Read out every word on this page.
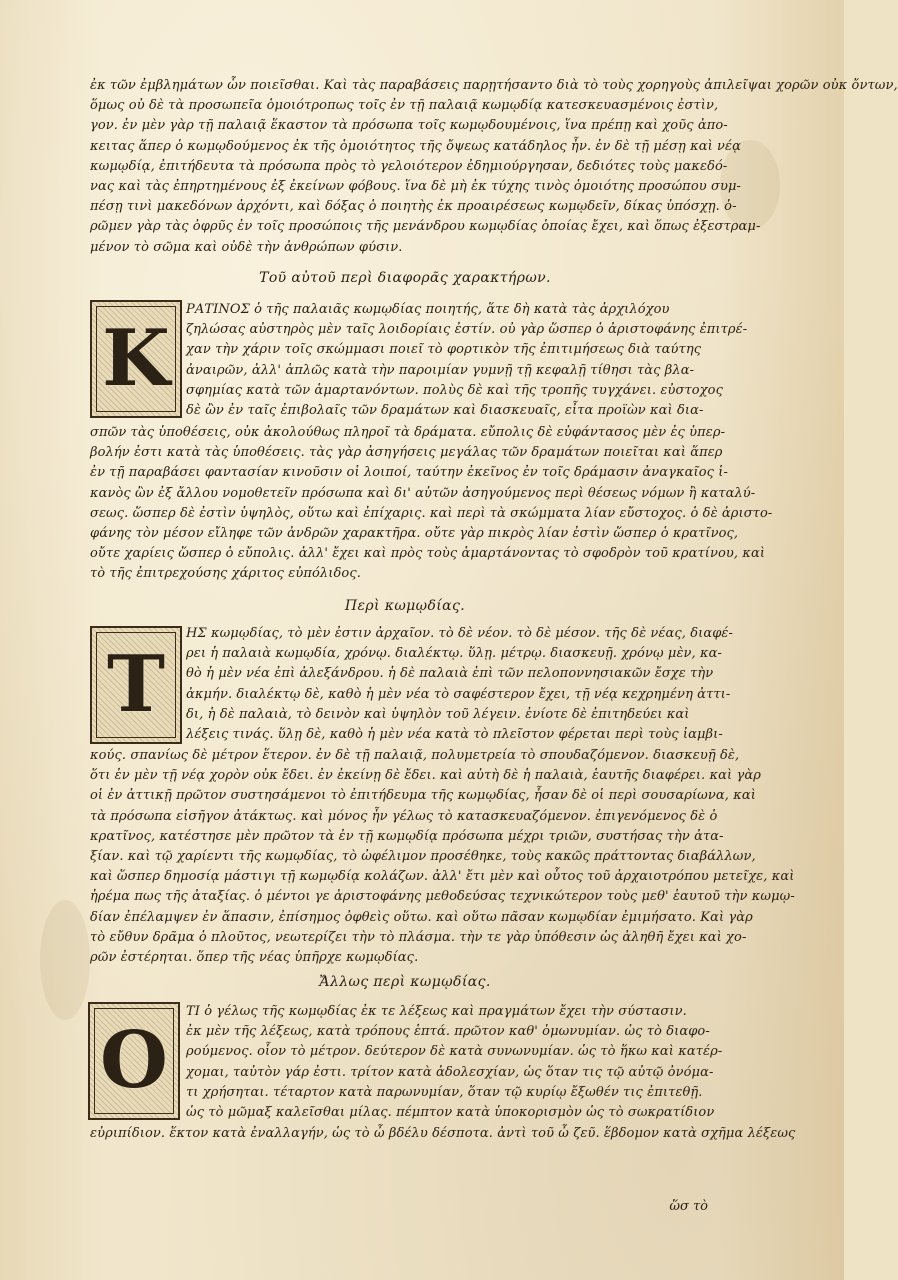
ἐκ τῶν ἐμβλημάτων ὧν ποιεῖσθαι. Καὶ τὰς παραβάσεις παρῃτήσαντο διὰ τὸ τοὺς χορηγοὺς ἀπιλεῖψαι χορῶν οὐκ ὄντων,
ὅμως οὐ δὲ τὰ προσωπεῖα ὁμοιότροπως τοῖς ἐν τῇ παλαιᾷ κωμῳδίᾳ κατεσκευασμένοις ἐστὶν,
γον. ἐν μὲν γὰρ τῇ παλαιᾷ ἕκαστον τὰ πρόσωπα τοῖς κωμῳδουμένοις, ἵνα πρέπῃ καὶ χοῦς ἀπο-
κειτας ἅπερ ὁ κωμῳδούμενος ἐκ τῆς ὁμοιότητος τῆς ὄψεως κατάδηλος ἦν. ἐν δὲ τῇ μέσῃ καὶ νέᾳ
κωμῳδίᾳ, ἐπιτήδευτα τὰ πρόσωπα πρὸς τὸ γελοιότερον ἐδημιούργησαν, δεδιότες τοὺς μακεδό-
νας καὶ τὰς ἐπηρτημένους ἐξ ἐκείνων φόβους. ἵνα δὲ μὴ ἐκ τύχης τινὸς ὁμοιότης προσώπου συμ-
πέσῃ τινὶ μακεδόνων ἀρχόντι, καὶ δόξας ὁ ποιητὴς ἐκ προαιρέσεως κωμῳδεῖν, δίκας ὑπόσχῃ. ὁ-
ρῶμεν γὰρ τὰς ὀφρῦς ἐν τοῖς προσώποις τῆς μενάνδρου κωμῳδίας ὁποίας ἔχει, καὶ ὅπως ἐξεστραμ-
μένον τὸ σῶμα καὶ οὐδὲ τὴν ἀνθρώπων φύσιν.
Τοῦ αὐτοῦ περὶ διαφορᾶς χαρακτήρων.
Κ
ΡΑΤΙΝΟΣ ὁ τῆς παλαιᾶς κωμῳδίας ποιητής, ἅτε δὴ κατὰ τὰς ἀρχιλόχου
ζηλώσας αὐστηρὸς μὲν ταῖς λοιδορίαις ἐστίν. οὐ γὰρ ὥσπερ ὁ ἀριστοφάνης ἐπιτρέ-
χαν τὴν χάριν τοῖς σκώμμασι ποιεῖ τὸ φορτικὸν τῆς ἐπιτιμήσεως διὰ ταύτης
ἀναιρῶν, ἀλλ' ἁπλῶς κατὰ τὴν παροιμίαν γυμνῇ τῇ κεφαλῇ τίθησι τὰς βλα-
σφημίας κατὰ τῶν ἁμαρτανόντων. πολὺς δὲ καὶ τῆς τροπῆς τυγχάνει. εὐστοχος
δὲ ὢν ἐν ταῖς ἐπιβολαῖς τῶν δραμάτων καὶ διασκευαῖς, εἶτα προϊὼν καὶ δια-
σπῶν τὰς ὑποθέσεις, οὐκ ἀκολούθως πληροῖ τὰ δράματα. εὔπολις δὲ εὐφάντασος μὲν ἐς ὑπερ-
βολήν ἐστι κατὰ τὰς ὑποθέσεις. τὰς γὰρ ἀσηγήσεις μεγάλας τῶν δραμάτων ποιεῖται καὶ ἅπερ
ἐν τῇ παραβάσει φαντασίαν κινοῦσιν οἱ λοιποί, ταύτην ἐκεῖνος ἐν τοῖς δράμασιν ἀναγκαῖος ἱ-
κανὸς ὢν ἐξ ἄλλου νομοθετεῖν πρόσωπα καὶ δι' αὐτῶν ἀσηγούμενος περὶ θέσεως νόμων ἢ καταλύ-
σεως. ὥσπερ δὲ ἐστὶν ὑψηλὸς, οὕτω καὶ ἐπίχαρις. καὶ περὶ τὰ σκώμματα λίαν εὔστοχος. ὁ δὲ ἀριστο-
φάνης τὸν μέσον εἴληφε τῶν ἀνδρῶν χαρακτῆρα. οὔτε γὰρ πικρὸς λίαν ἐστὶν ὥσπερ ὁ κρατῖνος,
οὔτε χαρίεις ὥσπερ ὁ εὔπολις. ἀλλ' ἔχει καὶ πρὸς τοὺς ἁμαρτάνοντας τὸ σφοδρὸν τοῦ κρατίνου, καὶ
τὸ τῆς ἐπιτρεχούσης χάριτος εὐπόλιδος.
Περὶ κωμῳδίας.
Τ
ΗΣ κωμῳδίας, τὸ μὲν ἐστιν ἀρχαῖον. τὸ δὲ νέον. τὸ δὲ μέσον. τῆς δὲ νέας, διαφέ-
ρει ἡ παλαιὰ κωμῳδία, χρόνῳ. διαλέκτῳ. ὕλῃ. μέτρῳ. διασκευῇ. χρόνῳ μὲν, κα-
θὸ ἡ μὲν νέα ἐπὶ ἀλεξάνδρου. ἡ δὲ παλαιὰ ἐπὶ τῶν πελοποννησιακῶν ἔσχε τὴν
ἀκμήν. διαλέκτῳ δὲ, καθὸ ἡ μὲν νέα τὸ σαφέστερον ἔχει, τῇ νέᾳ κεχρημένη ἀττι-
δι, ἡ δὲ παλαιὰ, τὸ δεινὸν καὶ ὑψηλὸν τοῦ λέγειν. ἐνίοτε δὲ ἐπιτηδεύει καὶ
λέξεις τινάς. ὕλῃ δὲ, καθὸ ἡ μὲν νέα κατὰ τὸ πλεῖστον φέρεται περὶ τοὺς ἰαμβι-
κούς. σπανίως δὲ μέτρον ἕτερον. ἐν δὲ τῇ παλαιᾷ, πολυμετρεία τὸ σπουδαζόμενον. διασκευῇ δὲ,
ὅτι ἐν μὲν τῇ νέᾳ χορὸν οὐκ ἔδει. ἐν ἐκείνῃ δὲ ἔδει. καὶ αὐτὴ δὲ ἡ παλαιὰ, ἑαυτῆς διαφέρει. καὶ γὰρ
οἱ ἐν ἀττικῇ πρῶτον συστησάμενοι τὸ ἐπιτήδευμα τῆς κωμῳδίας, ἦσαν δὲ οἱ περὶ σουσαρίωνα, καὶ
τὰ πρόσωπα εἰσῆγον ἀτάκτως. καὶ μόνος ἦν γέλως τὸ κατασκευαζόμενον. ἐπιγενόμενος δὲ ὁ
κρατῖνος, κατέστησε μὲν πρῶτον τὰ ἐν τῇ κωμῳδίᾳ πρόσωπα μέχρι τριῶν, συστήσας τὴν ἀτα-
ξίαν. καὶ τῷ χαρίεντι τῆς κωμῳδίας, τὸ ὠφέλιμον προσέθηκε, τοὺς κακῶς πράττοντας διαβάλλων,
καὶ ὥσπερ δημοσίᾳ μάστιγι τῇ κωμῳδίᾳ κολάζων. ἀλλ' ἔτι μὲν καὶ οὗτος τοῦ ἀρχαιοτρόπου μετεῖχε, καὶ
ἠρέμα πως τῆς ἀταξίας. ὁ μέντοι γε ἀριστοφάνης μεθοδεύσας τεχνικώτερον τοὺς μεθ' ἑαυτοῦ τὴν κωμῳ-
δίαν ἐπέλαμψεν ἐν ἅπασιν, ἐπίσημος ὀφθεὶς οὕτω. καὶ οὕτω πᾶσαν κωμῳδίαν ἐμιμήσατο. Καὶ γὰρ
τὸ εὔθυν δρᾶμα ὁ πλοῦτος, νεωτερίζει τὴν τὸ πλάσμα. τὴν τε γὰρ ὑπόθεσιν ὡς ἀληθῆ ἔχει καὶ χο-
ρῶν ἐστέρηται. ὅπερ τῆς νέας ὑπῆρχε κωμῳδίας.
Ἄλλως περὶ κωμῳδίας.
Ο
ΤΙ ὁ γέλως τῆς κωμῳδίας ἐκ τε λέξεως καὶ πραγμάτων ἔχει τὴν σύστασιν.
ἐκ μὲν τῆς λέξεως, κατὰ τρόπους ἑπτά. πρῶτον καθ' ὁμωνυμίαν. ὡς τὸ διαφο-
ρούμενος. οἷον τὸ μέτρον. δεύτερον δὲ κατὰ συνωνυμίαν. ὡς τὸ ἥκω καὶ κατέρ-
χομαι, ταὐτὸν γάρ ἐστι. τρίτον κατὰ ἀδολεσχίαν, ὡς ὅταν τις τῷ αὐτῷ ὀνόμα-
τι χρήσηται. τέταρτον κατὰ παρωνυμίαν, ὅταν τῷ κυρίῳ ἔξωθέν τις ἐπιτεθῇ.
ὡς τὸ μῶμαξ καλεῖσθαι μίλας. πέμπτον κατὰ ὑποκορισμὸν ὡς τὸ σωκρατίδιον
εὐριπίδιον. ἕκτον κατὰ ἐναλλαγήν, ὡς τὸ ὦ βδέλυ δέσποτα. ἀντὶ τοῦ ὦ ζεῦ. ἕβδομον κατὰ σχῆμα λέξεως
ὥσ τὸ
